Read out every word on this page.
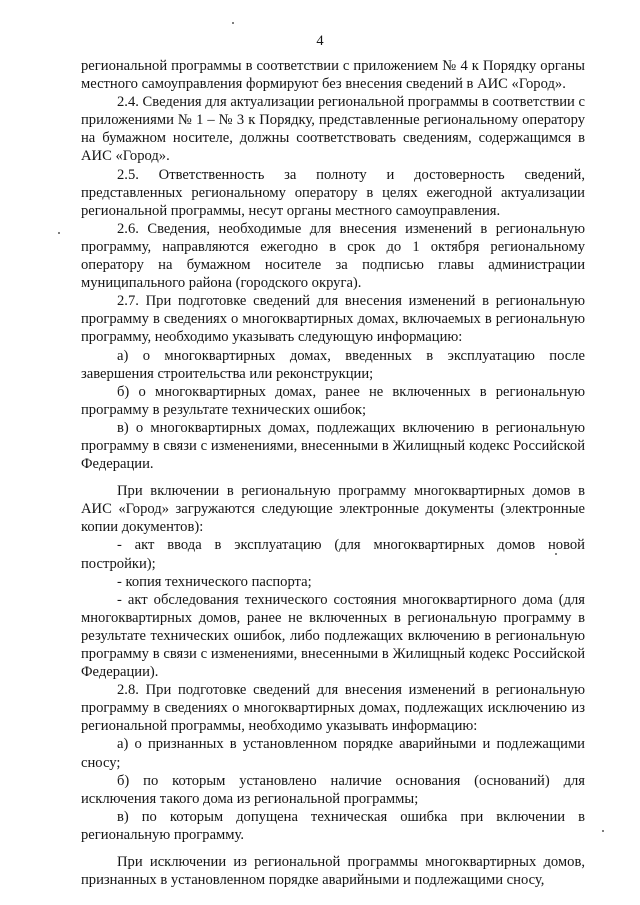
4

региональной программы в соответствии с приложением № 4 к Порядку органы местного самоуправления формируют без внесения сведений в АИС «Город».

2.4. Сведения для актуализации региональной программы в соответствии с приложениями № 1 – № 3 к Порядку, представленные региональному оператору на бумажном носителе, должны соответствовать сведениям, содержащимся в АИС «Город».

2.5. Ответственность за полноту и достоверность сведений, представленных региональному оператору в целях ежегодной актуализации региональной программы, несут органы местного самоуправления.

2.6. Сведения, необходимые для внесения изменений в региональную программу, направляются ежегодно в срок до 1 октября региональному оператору на бумажном носителе за подписью главы администрации муниципального района (городского округа).

2.7. При подготовке сведений для внесения изменений в региональную программу в сведениях о многоквартирных домах, включаемых в региональную программу, необходимо указывать следующую информацию:

а) о многоквартирных домах, введенных в эксплуатацию после завершения строительства или реконструкции;

б) о многоквартирных домах, ранее не включенных в региональную программу в результате технических ошибок;

в) о многоквартирных домах, подлежащих включению в региональную программу в связи с изменениями, внесенными в Жилищный кодекс Российской Федерации.

При включении в региональную программу многоквартирных домов в АИС «Город» загружаются следующие электронные документы (электронные копии документов):

- акт ввода в эксплуатацию (для многоквартирных домов новой постройки);

- копия технического паспорта;

- акт обследования технического состояния многоквартирного дома (для многоквартирных домов, ранее не включенных в региональную программу в результате технических ошибок, либо подлежащих включению в региональную программу в связи с изменениями, внесенными в Жилищный кодекс Российской Федерации).

2.8. При подготовке сведений для внесения изменений в региональную программу в сведениях о многоквартирных домах, подлежащих исключению из региональной программы, необходимо указывать информацию:

а) о признанных в установленном порядке аварийными и подлежащими сносу;

б) по которым установлено наличие основания (оснований) для исключения такого дома из региональной программы;

в) по которым допущена техническая ошибка при включении в региональную программу.

При исключении из региональной программы многоквартирных домов, признанных в установленном порядке аварийными и подлежащими сносу,
